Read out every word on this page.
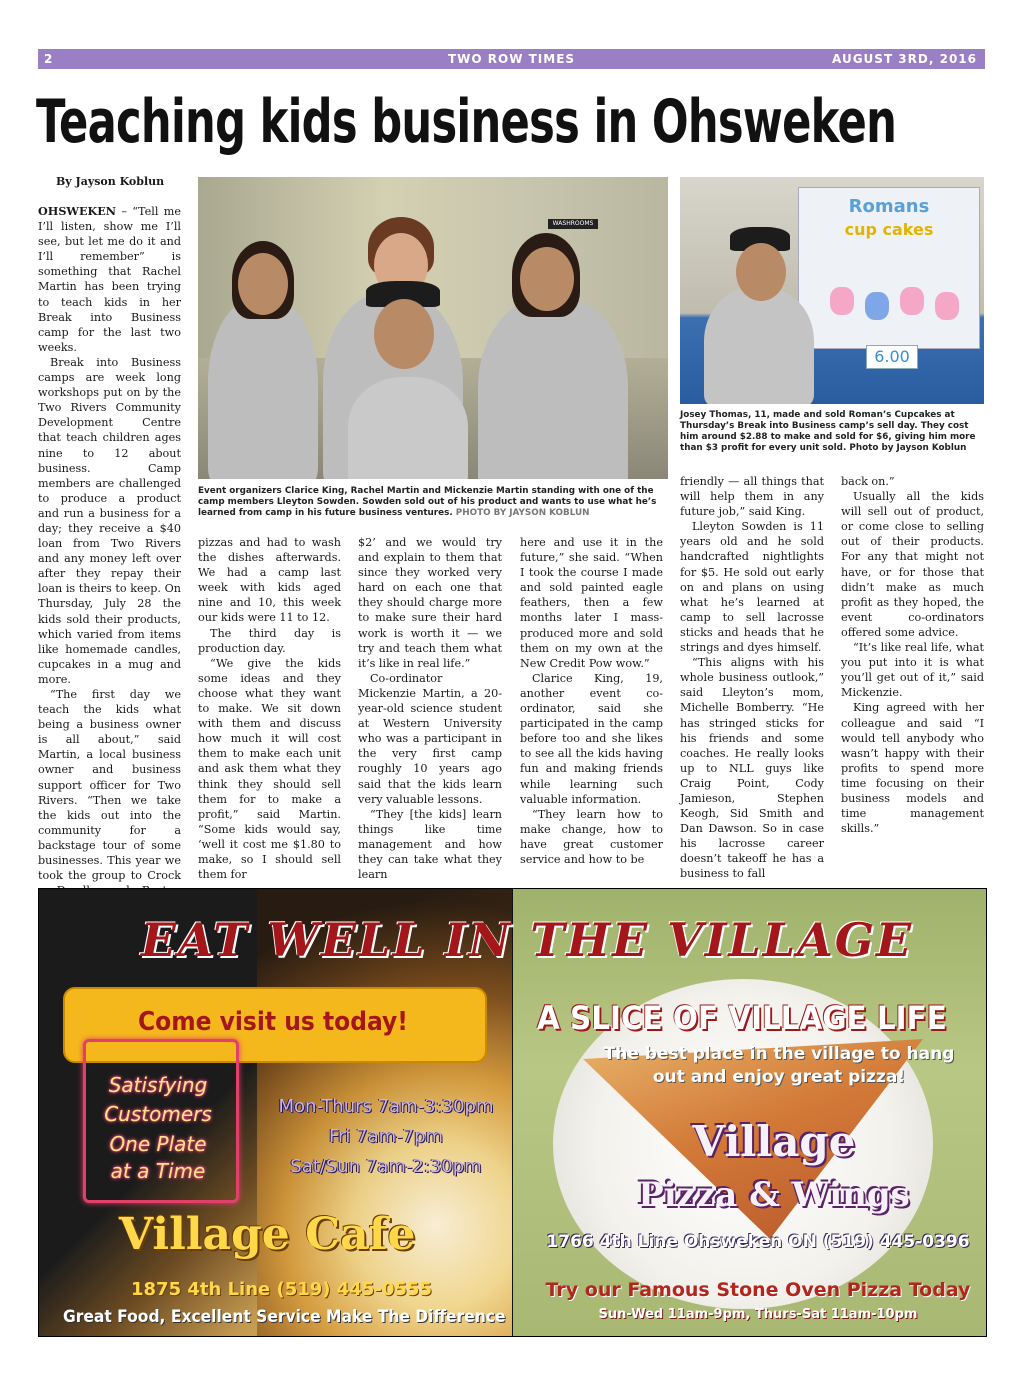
2	TWO ROW TIMES	AUGUST 3RD, 2016
Teaching kids business in Ohsweken
By Jayson Koblun

OHSWEKEN – “Tell me I’ll listen, show me I’ll see, but let me do it and I’ll remember” is something that Rachel Martin has been trying to teach kids in her Break into Business camp for the last two weeks.

Break into Business camps are week long workshops put on by the Two Rivers Community Development Centre that teach children ages nine to 12 about business. Camp members are challenged to produce a product and run a business for a day; they receive a $40 loan from Two Rivers and any money left over after they repay their loan is theirs to keep. On Thursday, July 28 the kids sold their products, which varied from items like homemade candles, cupcakes in a mug and more.

“The first day we teach the kids what being a business owner is all about,” said Martin, a local business owner and business support officer for Two Rivers. “Then we take the kids out into the community for a backstage tour of some businesses. This year we took the group to Crock

WASHROOMS
Event organizers Clarice King, Rachel Martin and Mickenzie Martin standing with one of the camp members Lleyton Sowden. Sowden sold out of his product and wants to use what he’s learned from camp in his future business ventures. PHOTO BY JAYSON KOBLUN
Romans
cup cakes
6.00
Josey Thomas, 11, made and sold Roman’s Cupcakes at Thursday’s Break into Business camp’s sell day. They cost him around $2.88 to make and sold for $6, giving him more than $3 profit for every unit sold. Photo by Jayson Koblun

pizzas and had to wash the dishes afterwards. We had a camp last week with kids aged nine and 10, this week our kids were 11 to 12.

The third day is production day.

“We give the kids some ideas and they choose what they want to make. We sit down with them and discuss how much it will cost them to make each unit and ask them what they think they should sell them for to make a profit,” said Martin. “Some kids would say, ‘well it cost me $1.80 to make, so I should sell them for

$2’ and we would try and explain to them that since they worked very hard on each one that they should charge more to make sure their hard work is worth it — we try and teach them what it’s like in real life.”

Co-ordinator Mickenzie Martin, a 20-year-old science student at Western University who was a participant in the very first camp roughly 10 years ago said that the kids learn very valuable lessons.

“They [the kids] learn things like time management and how they can take what they learn

here and use it in the future,” she said. “When I took the course I made and sold painted eagle feathers, then a few months later I mass-produced more and sold them on my own at the New Credit Pow wow.”

Clarice King, 19, another event co-ordinator, said she participated in the camp before too and she likes to see all the kids having fun and making friends while learning such valuable information.

“They learn how to make change, how to have great customer service and how to be

friendly — all things that will help them in any future job,” said King.

Lleyton Sowden is 11 years old and he sold handcrafted nightlights for $5. He sold out early on and plans on using what he’s learned at camp to sell lacrosse sticks and heads that he strings and dyes himself.

“This aligns with his whole business outlook,” said Lleyton’s mom, Michelle Bomberry. “He has stringed sticks for his friends and some coaches. He really looks up to NLL guys like Craig Point, Cody Jamieson, Stephen Keogh, Sid Smith and Dan Dawson. So in case his lacrosse career doesn’t takeoff he has a business to fall

back on.”

Usually all the kids will sell out of product, or come close to selling out of their products. For any that might not have, or for those that didn’t make as much profit as they hoped, the event co-ordinators offered some advice.

“It’s like real life, what you put into it is what you’ll get out of it,” said Mickenzie.

King agreed with her colleague and said “I would tell anybody who wasn’t happy with their profits to spend more time focusing on their business models and time management skills.”

EAT WELL IN THE VILLAGE
Come visit us today!
Satisfying
Customers
One Plate
at a Time
Mon-Thurs 7am-3:30pm
Fri 7am-7pm
Sat/Sun 7am-2:30pm
Village Cafe
1875 4th Line (519) 445-0555
Great Food, Excellent Service Make The Difference
A SLICE OF VILLAGE LIFE
The best place in the village to hang
out and enjoy great pizza!
Village
Pizza & Wings
1766 4th Line Ohsweken ON (519) 445-0396
Try our Famous Stone Oven Pizza Today
Sun-Wed 11am-9pm, Thurs-Sat 11am-10pm
